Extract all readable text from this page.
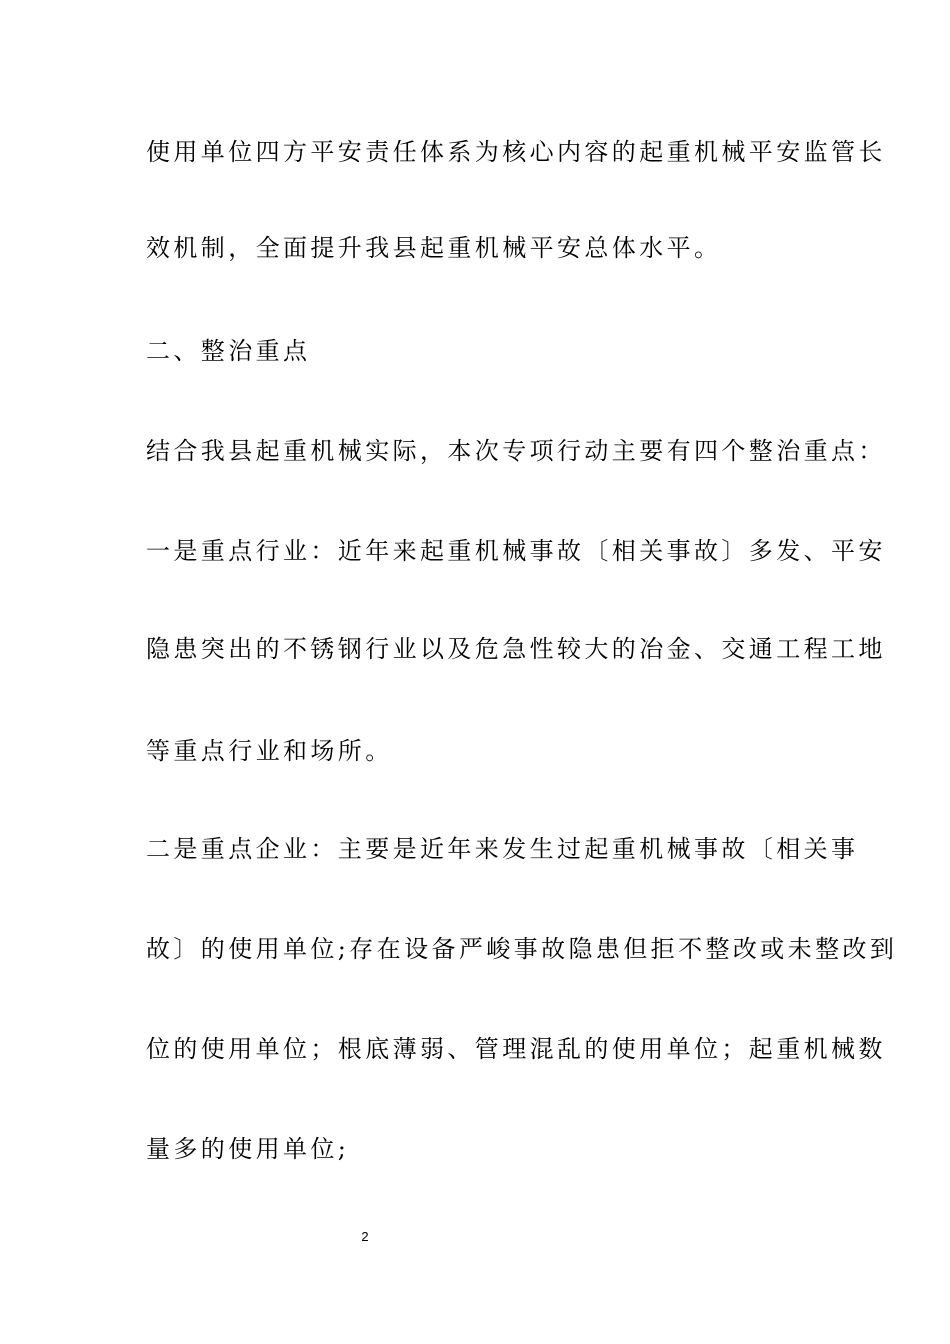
使用单位四方平安责任体系为核心内容的起重机械平安监管长
效机制，全面提升我县起重机械平安总体水平。
二、整治重点
结合我县起重机械实际，本次专项行动主要有四个整治重点：
一是重点行业：近年来起重机械事故〔相关事故〕多发、平安
隐患突出的不锈钢行业以及危急性较大的冶金、交通工程工地
等重点行业和场所。
二是重点企业：主要是近年来发生过起重机械事故〔相关事
故〕的使用单位;存在设备严峻事故隐患但拒不整改或未整改到
位的使用单位；根底薄弱、管理混乱的使用单位；起重机械数
量多的使用单位;
2
